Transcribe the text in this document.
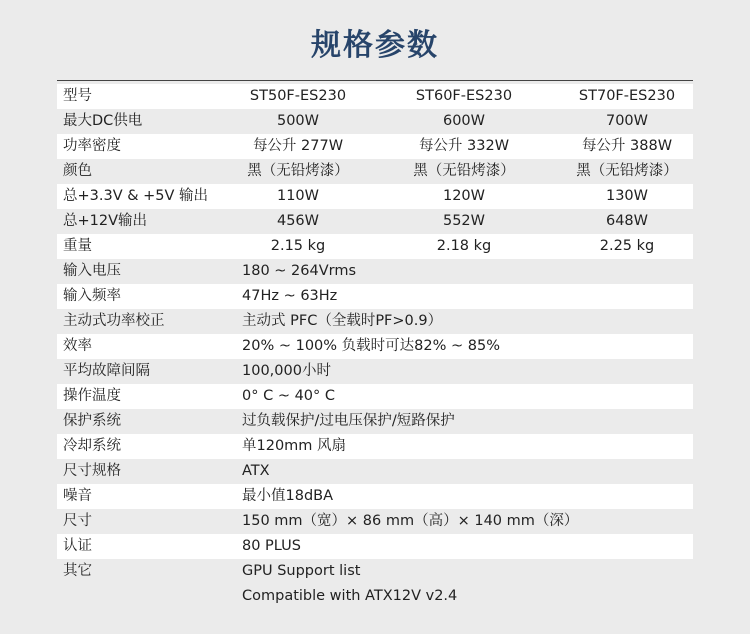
规格参数
型号	ST50F-ES230	ST60F-ES230	ST70F-ES230
最大DC供电	500W	600W	700W
功率密度	每公升 277W	每公升 332W	每公升 388W
颜色	黑（无铅烤漆）	黑（无铅烤漆）	黑（无铅烤漆）
总+3.3V & +5V 输出	110W	120W	130W
总+12V输出	456W	552W	648W
重量	2.15 kg	2.18 kg	2.25 kg
输入电压	180 ~ 264Vrms
输入频率	47Hz ~ 63Hz
主动式功率校正	主动式 PFC（全载时PF>0.9）
效率	20% ~ 100% 负载时可达82% ~ 85%
平均故障间隔	100,000小时
操作温度	0° C ~ 40° C
保护系统	过负载保护/过电压保护/短路保护
冷却系统	单120mm 风扇
尺寸规格	ATX
噪音	最小值18dBA
尺寸	150 mm（宽）× 86 mm（高）× 140 mm（深）
认证	80 PLUS
其它	GPU Support list
Compatible with ATX12V v2.4
